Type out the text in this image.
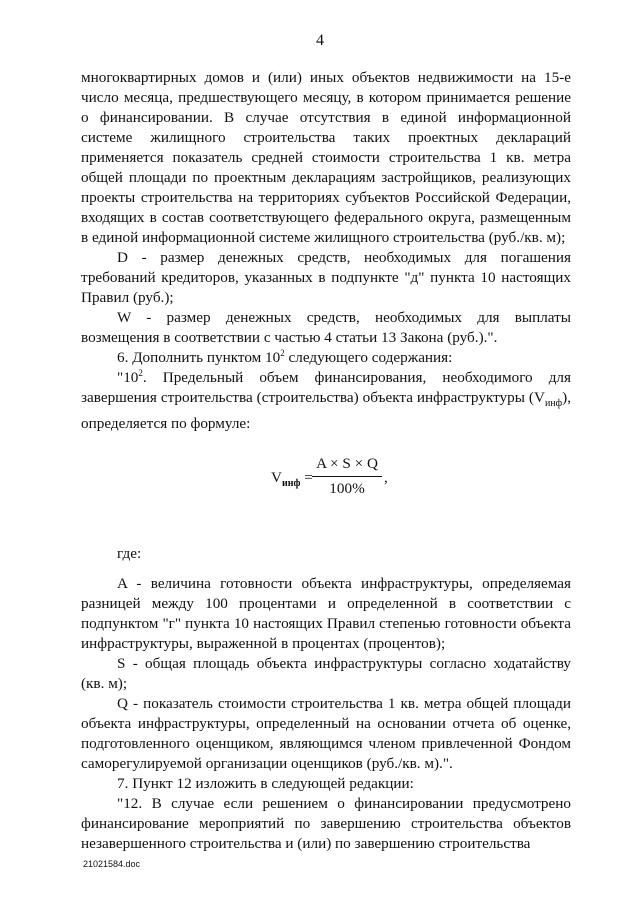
4

многоквартирных домов и (или) иных объектов недвижимости на 15-е число месяца, предшествующего месяцу, в котором принимается решение о финансировании. В случае отсутствия в единой информационной системе жилищного строительства таких проектных деклараций применяется показатель средней стоимости строительства 1 кв. метра общей площади по проектным декларациям застройщиков, реализующих проекты строительства на территориях субъектов Российской Федерации, входящих в состав соответствующего федерального округа, размещенным в единой информационной системе жилищного строительства (руб./кв. м);

D - размер денежных средств, необходимых для погашения требований кредиторов, указанных в подпункте "д" пункта 10 настоящих Правил (руб.);

W - размер денежных средств, необходимых для выплаты возмещения в соответствии с частью 4 статьи 13 Закона (руб.).".

6. Дополнить пунктом $10^2$ следующего содержания:

"$10^2$. Предельный объем финансирования, необходимого для завершения строительства (строительства) объекта инфраструктуры $(V_{инф})$, определяется по формуле:

$V_{инф} = \frac{A \times S \times Q}{100\%}$ ,

где:

A - величина готовности объекта инфраструктуры, определяемая разницей между 100 процентами и определенной в соответствии с подпунктом "г" пункта 10 настоящих Правил степенью готовности объекта инфраструктуры, выраженной в процентах (процентов);

S - общая площадь объекта инфраструктуры согласно ходатайству (кв. м);

Q - показатель стоимости строительства 1 кв. метра общей площади объекта инфраструктуры, определенный на основании отчета об оценке, подготовленного оценщиком, являющимся членом привлеченной Фондом саморегулируемой организации оценщиков (руб./кв. м).".

7. Пункт 12 изложить в следующей редакции:

"12. В случае если решением о финансировании предусмотрено финансирование мероприятий по завершению строительства объектов незавершенного строительства и (или) по завершению строительства

21021584.doc
